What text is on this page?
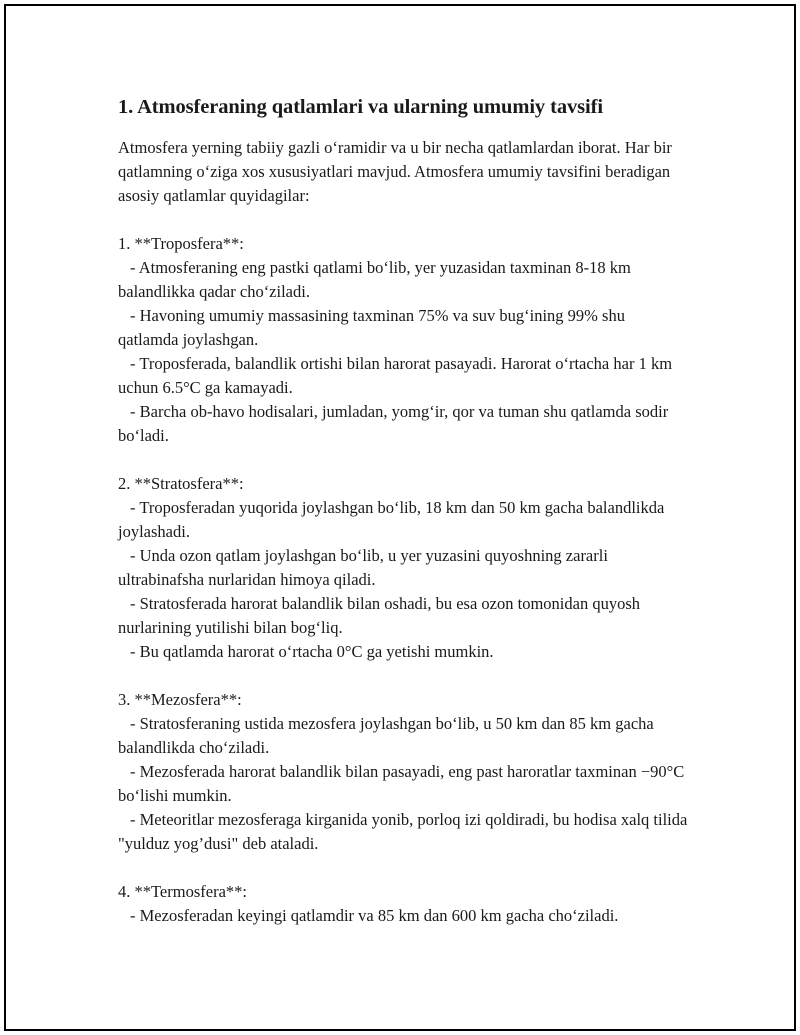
1. Atmosferaning qatlamlari va ularning umumiy tavsifi

Atmosfera yerning tabiiy gazli o‘ramidir va u bir necha qatlamlardan iborat. Har bir qatlamning o‘ziga xos xususiyatlari mavjud. Atmosfera umumiy tavsifini beradigan asosiy qatlamlar quyidagilar:

1. **Troposfera**:

- Atmosferaning eng pastki qatlami bo‘lib, yer yuzasidan taxminan 8-18 km balandlikka qadar cho‘ziladi.

- Havoning umumiy massasining taxminan 75% va suv bug‘ining 99% shu qatlamda joylashgan.

- Troposferada, balandlik ortishi bilan harorat pasayadi. Harorat o‘rtacha har 1 km uchun 6.5°C ga kamayadi.

- Barcha ob-havo hodisalari, jumladan, yomg‘ir, qor va tuman shu qatlamda sodir bo‘ladi.

2. **Stratosfera**:

- Troposferadan yuqorida joylashgan bo‘lib, 18 km dan 50 km gacha balandlikda joylashadi.

- Unda ozon qatlam joylashgan bo‘lib, u yer yuzasini quyoshning zararli ultrabinafsha nurlaridan himoya qiladi.

- Stratosferada harorat balandlik bilan oshadi, bu esa ozon tomonidan quyosh nurlarining yutilishi bilan bog‘liq.

- Bu qatlamda harorat o‘rtacha 0°C ga yetishi mumkin.

3. **Mezosfera**:

- Stratosferaning ustida mezosfera joylashgan bo‘lib, u 50 km dan 85 km gacha balandlikda cho‘ziladi.

- Mezosferada harorat balandlik bilan pasayadi, eng past haroratlar taxminan −90°C bo‘lishi mumkin.

- Meteoritlar mezosferaga kirganida yonib, porloq izi qoldiradi, bu hodisa xalq tilida "yulduz yog’dusi" deb ataladi.

4. **Termosfera**:

- Mezosferadan keyingi qatlamdir va 85 km dan 600 km gacha cho‘ziladi.
